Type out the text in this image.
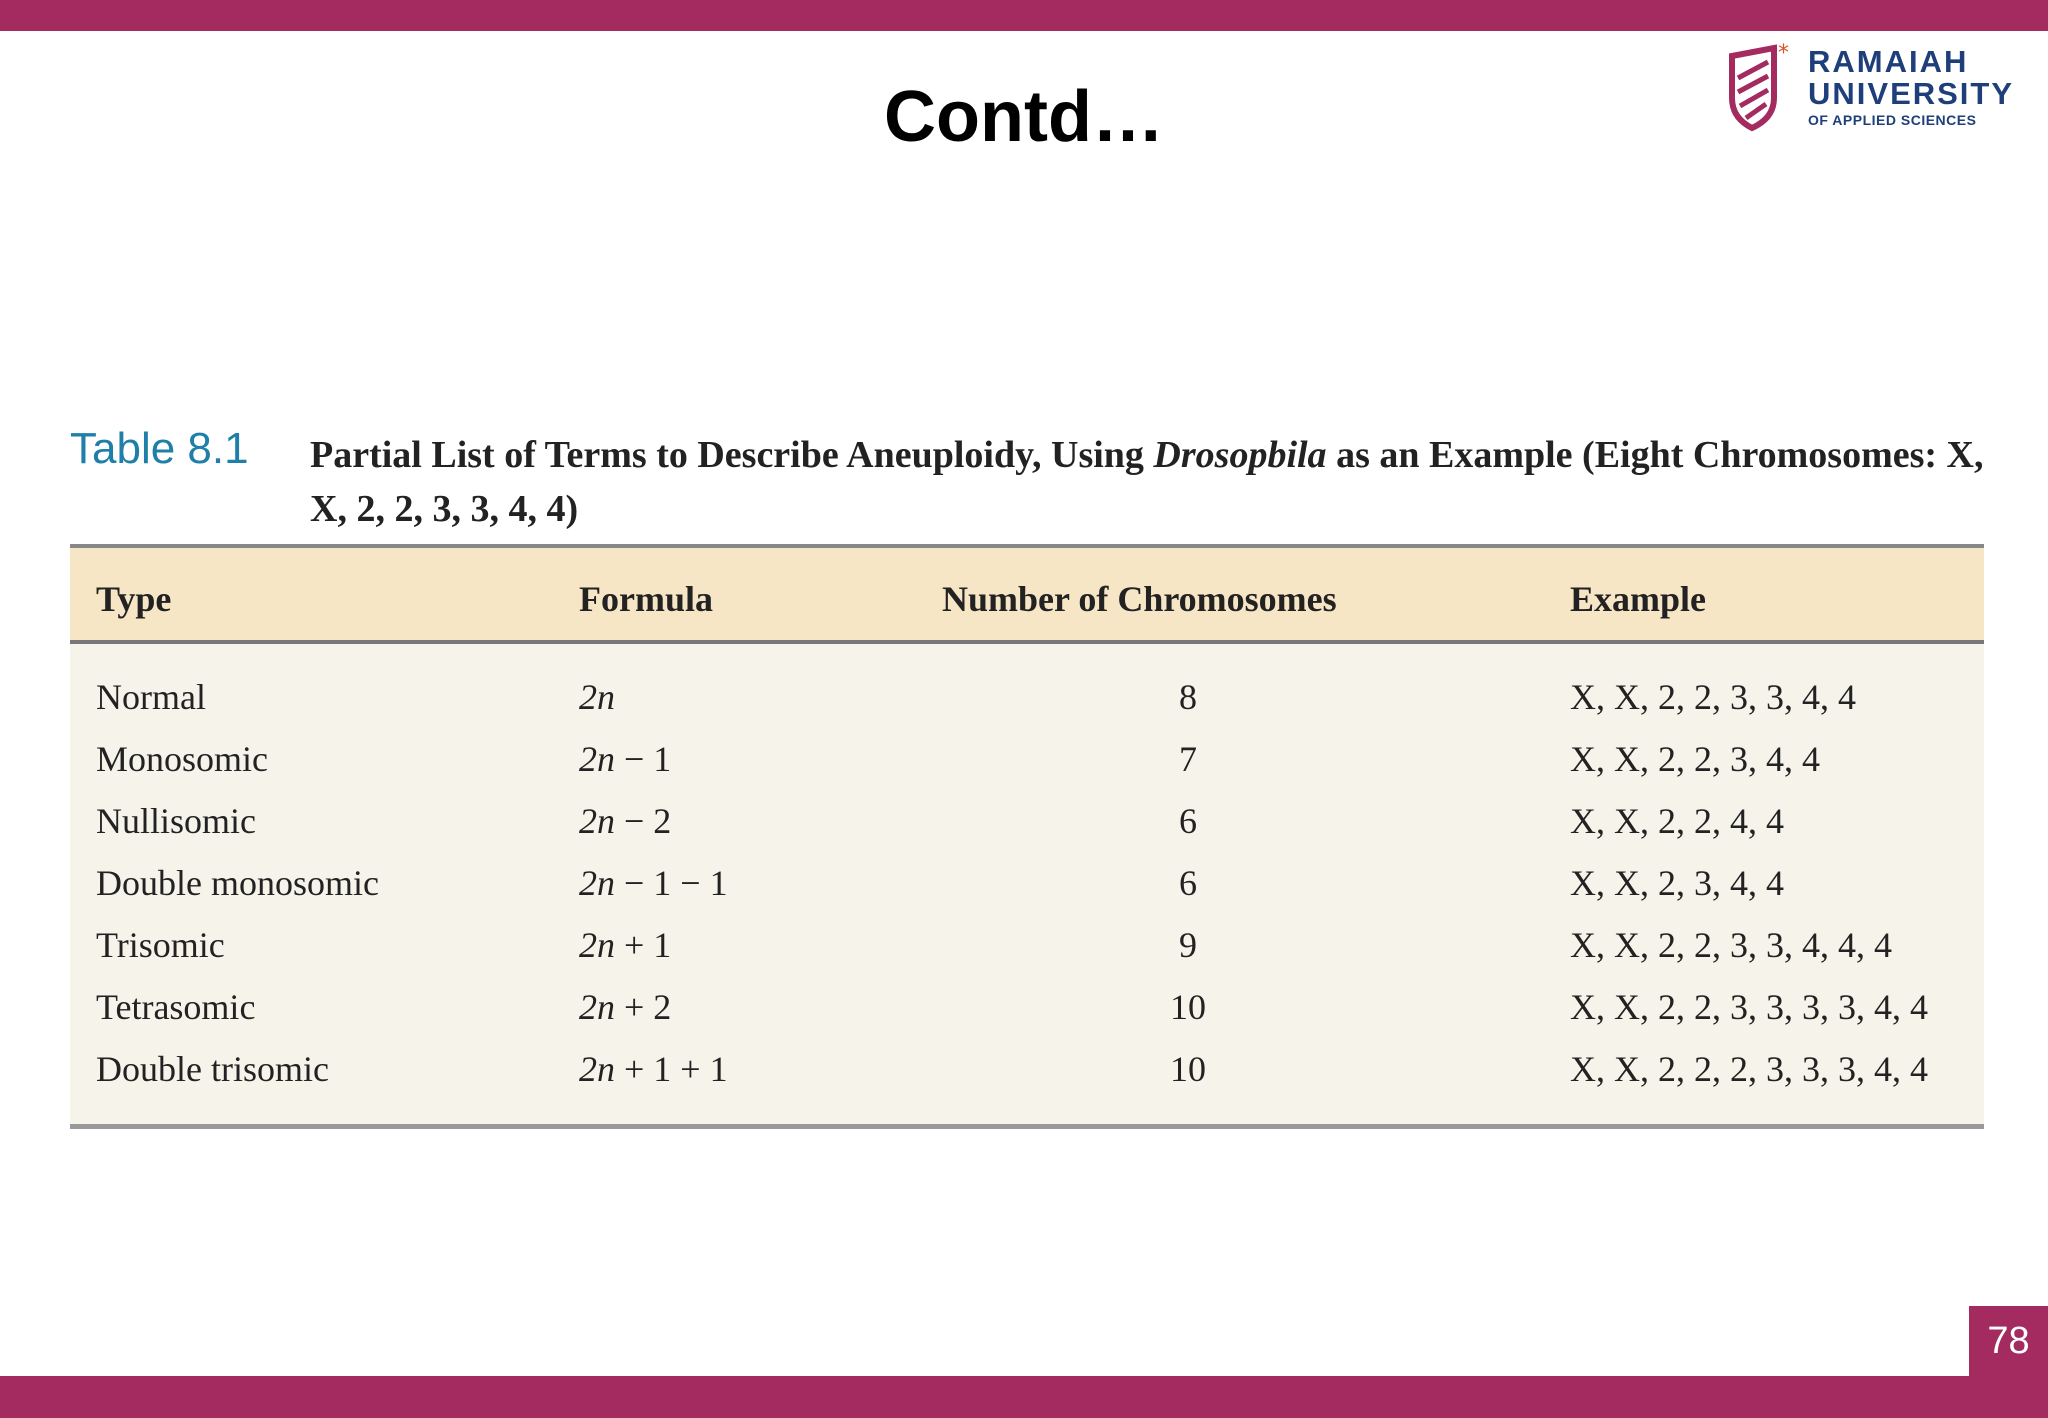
Contd…
* RAMAIAH
UNIVERSITY
OF APPLIED SCIENCES
Table 8.1 Partial List of Terms to Describe Aneuploidy, Using Drosopbila as an Example (Eight Chromosomes: X, X, 2, 2, 3, 3, 4, 4)
Type	Formula	Number of Chromosomes	Example
Normal	2n	8	X, X, 2, 2, 3, 3, 4, 4
Monosomic	2n − 1	7	X, X, 2, 2, 3, 4, 4
Nullisomic	2n − 2	6	X, X, 2, 2, 4, 4
Double monosomic	2n − 1 − 1	6	X, X, 2, 3, 4, 4
Trisomic	2n + 1	9	X, X, 2, 2, 3, 3, 4, 4, 4
Tetrasomic	2n + 2	10	X, X, 2, 2, 3, 3, 3, 3, 4, 4
Double trisomic	2n + 1 + 1	10	X, X, 2, 2, 2, 3, 3, 3, 4, 4
78
